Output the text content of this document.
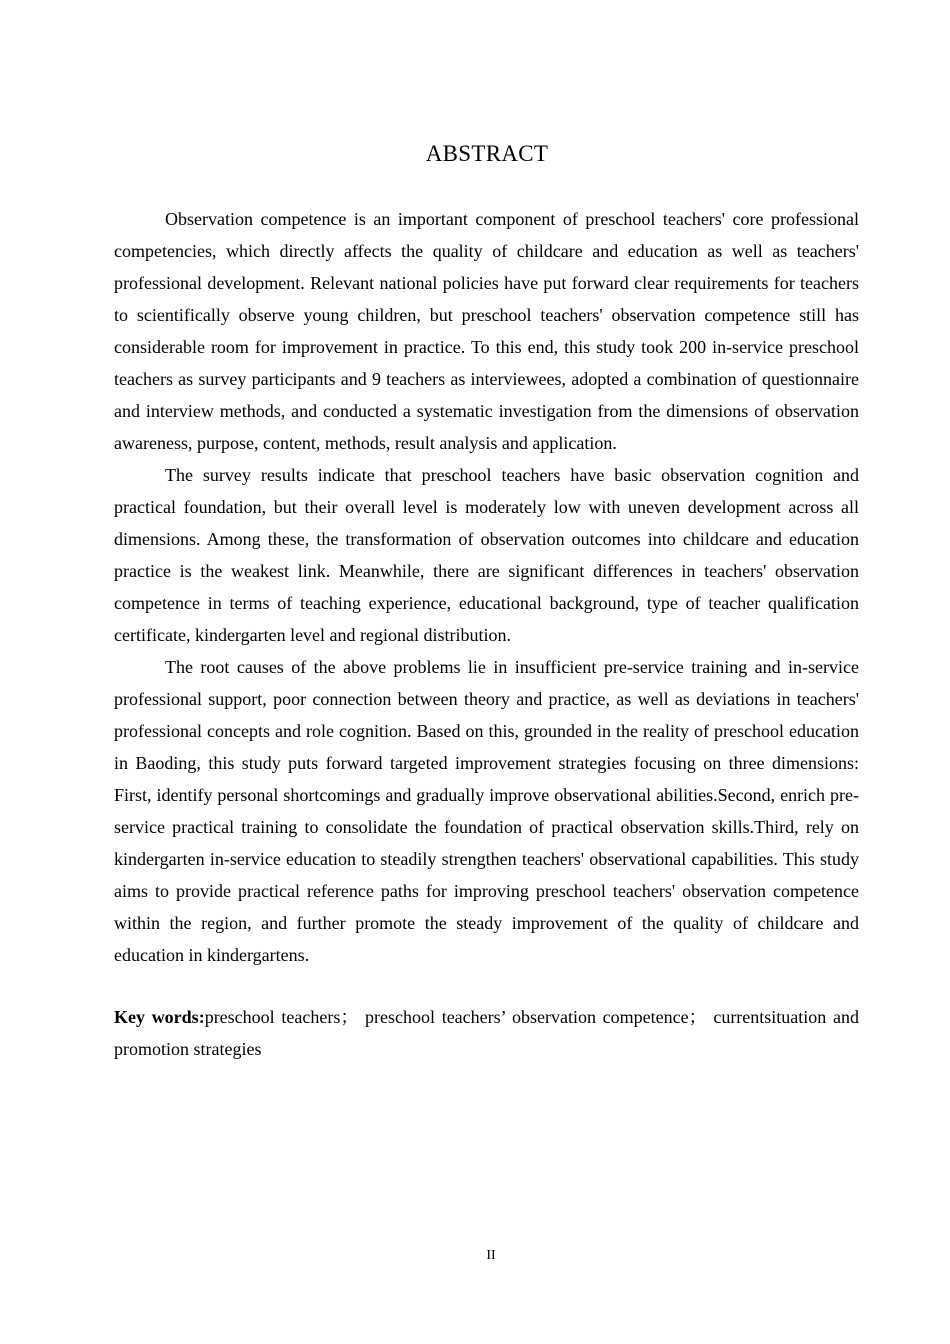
ABSTRACT

Observation competence is an important component of preschool teachers' core professional competencies, which directly affects the quality of childcare and education as well as teachers' professional development. Relevant national policies have put forward clear requirements for teachers to scientifically observe young children, but preschool teachers' observation competence still has considerable room for improvement in practice. To this end, this study took 200 in-service preschool teachers as survey participants and 9 teachers as interviewees, adopted a combination of questionnaire and interview methods, and conducted a systematic investigation from the dimensions of observation awareness, purpose, content, methods, result analysis and application.

The survey results indicate that preschool teachers have basic observation cognition and practical foundation, but their overall level is moderately low with uneven development across all dimensions. Among these, the transformation of observation outcomes into childcare and education practice is the weakest link. Meanwhile, there are significant differences in teachers' observation competence in terms of teaching experience, educational background, type of teacher qualification certificate, kindergarten level and regional distribution.

The root causes of the above problems lie in insufficient pre-service training and in-service professional support, poor connection between theory and practice, as well as deviations in teachers' professional concepts and role cognition. Based on this, grounded in the reality of preschool education in Baoding, this study puts forward targeted improvement strategies focusing on three dimensions: First, identify personal shortcomings and gradually improve observational abilities.Second, enrich pre-service practical training to consolidate the foundation of practical observation skills.Third, rely on kindergarten in-service education to steadily strengthen teachers' observational capabilities. This study aims to provide practical reference paths for improving preschool teachers' observation competence within the region, and further promote the steady improvement of the quality of childcare and education in kindergartens.

Key words:preschool teachers； preschool teachers’ observation competence； currentsituation and promotion strategies
II
